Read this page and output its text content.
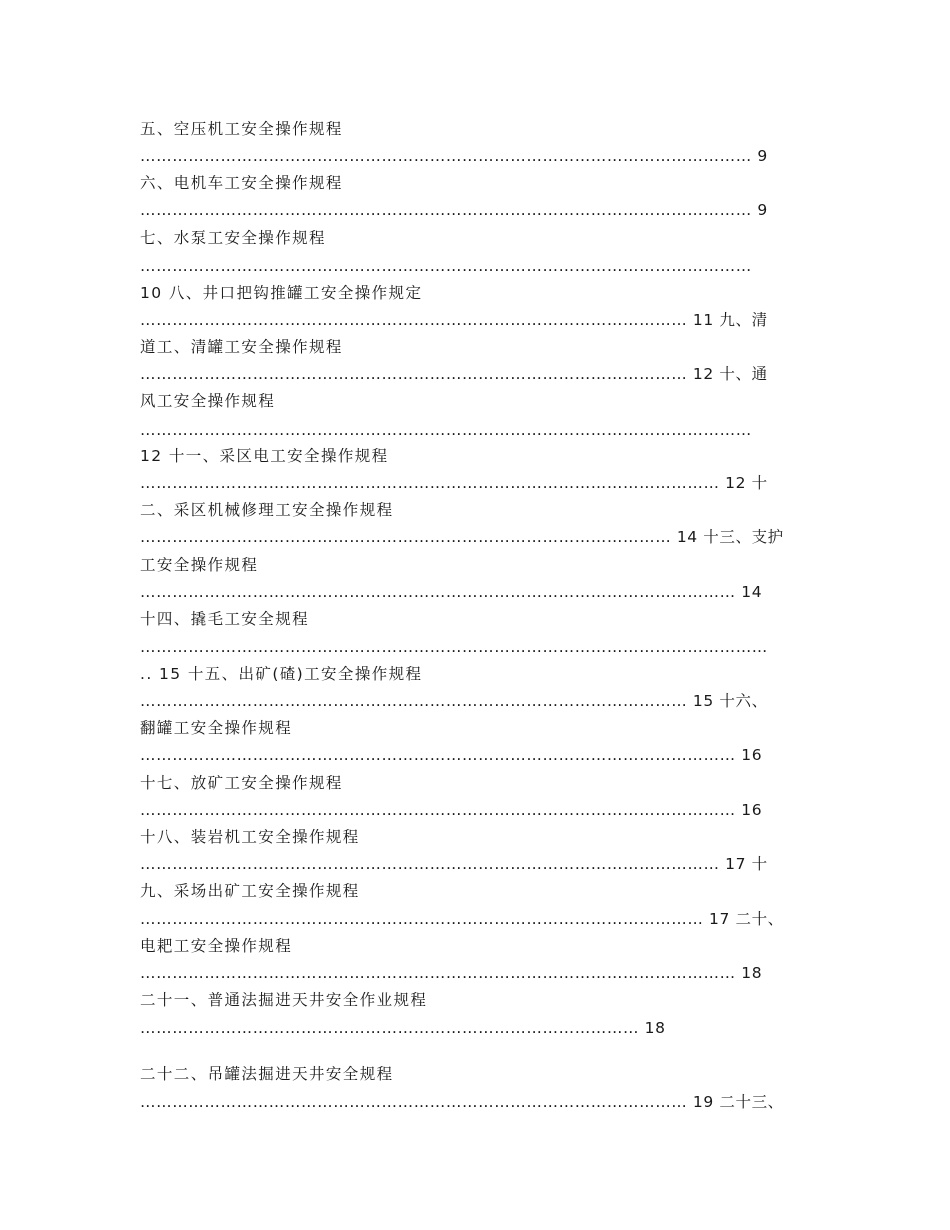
五、空压机工安全操作规程
…………………………………………………………………………………………………… 9
六、电机车工安全操作规程
…………………………………………………………………………………………………… 9
七、水泵工安全操作规程
……………………………………………………………………………………………………
10 八、井口把钩推罐工安全操作规定
………………………………………………………………………………………… 11 九、清
道工、清罐工安全操作规程
………………………………………………………………………………………… 12 十、通
风工安全操作规程
……………………………………………………………………………………………………
12 十一、采区电工安全操作规程
……………………………………………………………………………………………… 12 十
二、采区机械修理工安全操作规程
……………………………………………………………………………………… 14 十三、支护
工安全操作规程
………………………………………………………………………………………………… 14
十四、撬毛工安全规程
………………………………………………………………………………………………………
.. 15 十五、出矿(碴)工安全操作规程
………………………………………………………………………………………… 15 十六、
翻罐工安全操作规程
………………………………………………………………………………………………… 16
十七、放矿工安全操作规程
………………………………………………………………………………………………… 16
十八、装岩机工安全操作规程
……………………………………………………………………………………………… 17 十
九、采场出矿工安全操作规程
…………………………………………………………………………………………… 17 二十、
电耙工安全操作规程
………………………………………………………………………………………………… 18
二十一、普通法掘进天井安全作业规程
………………………………………………………………………………… 18
二十二、吊罐法掘进天井安全规程
………………………………………………………………………………………… 19 二十三、
